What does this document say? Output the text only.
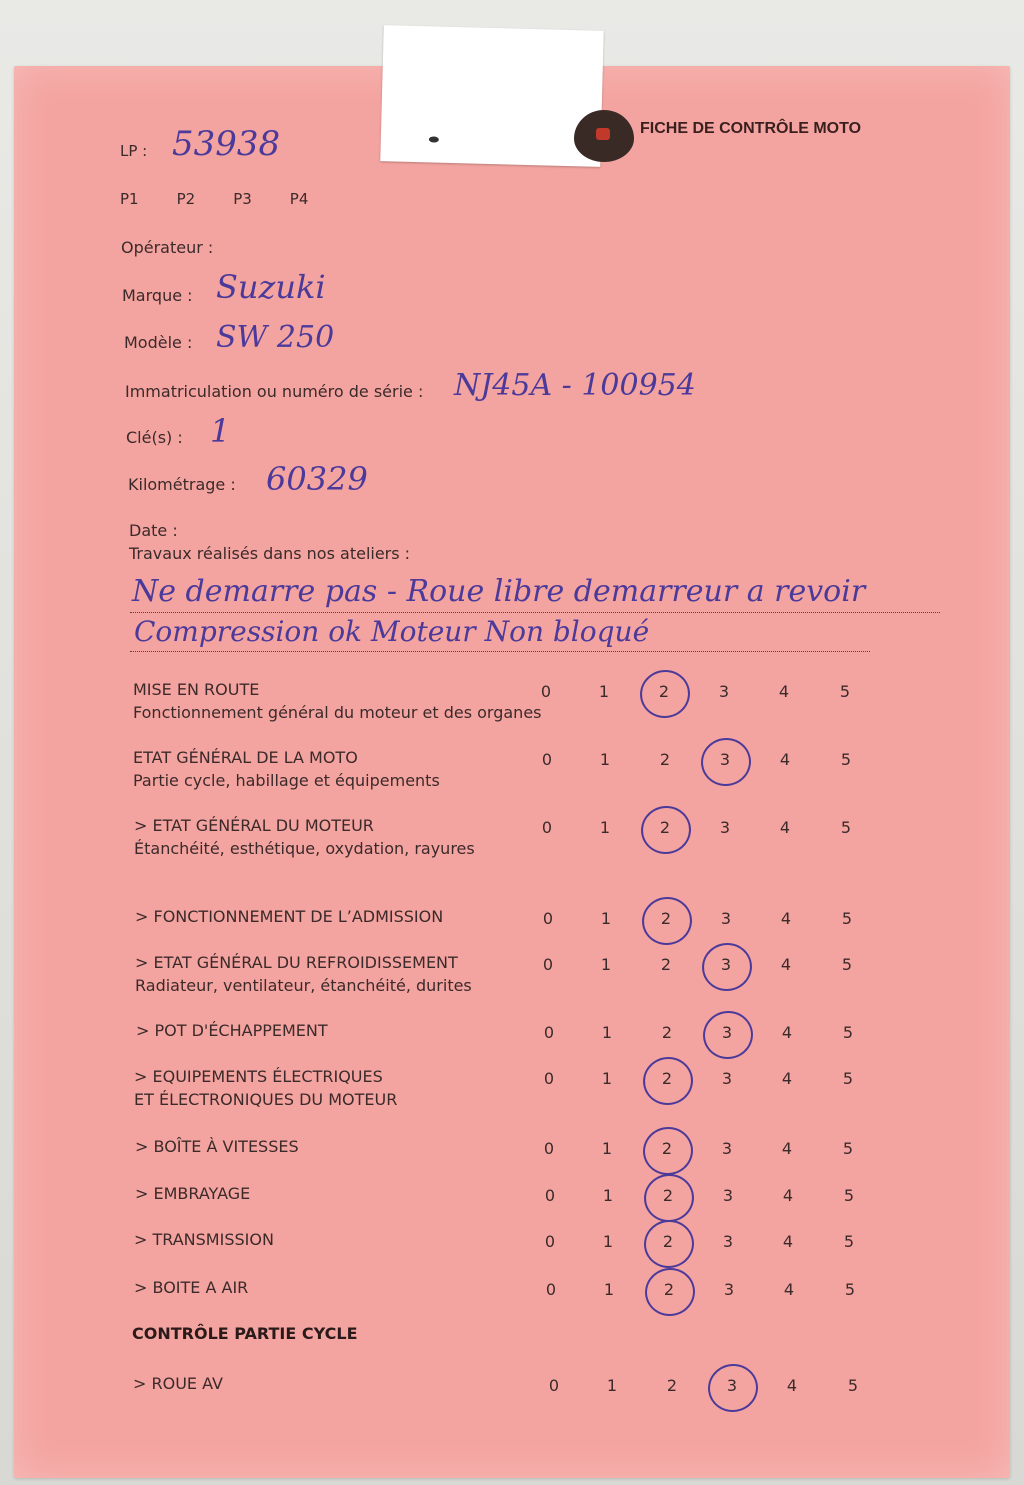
FICHE DE CONTRÔLE MOTO
LP : 53938
P1	P2	P3	P4
Opérateur :
Marque : Suzuki
Modèle : SW 250
Immatriculation ou numéro de série : NJ45A - 100954
Clé(s) : 1
Kilométrage : 60329
Date :
Travaux réalisés dans nos ateliers :
Ne demarre pas - Roue libre demarreur a revoir
Compression ok Moteur Non bloqué
MISE EN ROUTE
Fonctionnement général du moteur et des organes
0	1	2	3	4	5
ETAT GÉNÉRAL DE LA MOTO
Partie cycle, habillage et équipements
0	1	2	3	4	5
> ETAT GÉNÉRAL DU MOTEUR
Étanchéité, esthétique, oxydation, rayures
0	1	2	3	4	5
> FONCTIONNEMENT DE L’ADMISSION	0	1	2	3	4	5
> ETAT GÉNÉRAL DU REFROIDISSEMENT
Radiateur, ventilateur, étanchéité, durites
0	1	2	3	4	5
> POT D'ÉCHAPPEMENT	0	1	2	3	4	5
> EQUIPEMENTS ÉLECTRIQUES
ET ÉLECTRONIQUES DU MOTEUR
0	1	2	3	4	5
> BOÎTE À VITESSES	0	1	2	3	4	5
> EMBRAYAGE	0	1	2	3	4	5
> TRANSMISSION	0	1	2	3	4	5
> BOITE A AIR	0	1	2	3	4	5
CONTRÔLE PARTIE CYCLE
> ROUE AV	0	1	2	3	4	5
